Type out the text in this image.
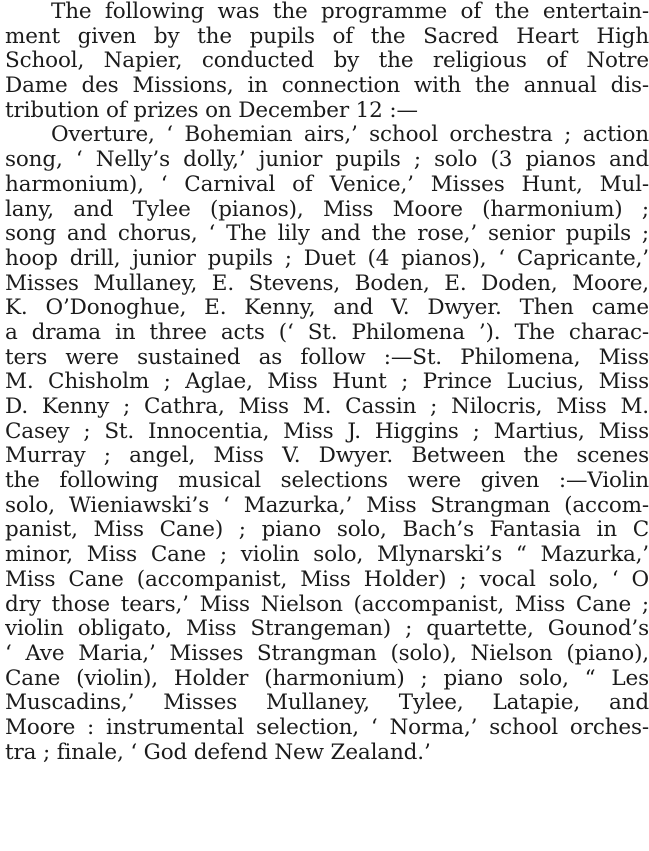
The following was the programme of the entertain-
ment given by the pupils of the Sacred Heart High
School, Napier, conducted by the religious of Notre
Dame des Missions, in connection with the annual dis-
tribution of prizes on December 12 :—
Overture, ‘ Bohemian airs,’ school orchestra ; action
song, ‘ Nelly’s dolly,’ junior pupils ; solo (3 pianos and
harmonium), ‘ Carnival of Venice,’ Misses Hunt, Mul-
lany, and Tylee (pianos), Miss Moore (harmonium) ;
song and chorus, ‘ The lily and the rose,’ senior pupils ;
hoop drill, junior pupils ; Duet (4 pianos), ‘ Capricante,’
Misses Mullaney, E. Stevens, Boden, E. Doden, Moore,
K. O’Donoghue, E. Kenny, and V. Dwyer. Then came
a drama in three acts (‘ St. Philomena ’). The charac-
ters were sustained as follow :—St. Philomena, Miss
M. Chisholm ; Aglae, Miss Hunt ; Prince Lucius, Miss
D. Kenny ; Cathra, Miss M. Cassin ; Nilocris, Miss M.
Casey ; St. Innocentia, Miss J. Higgins ; Martius, Miss
Murray ; angel, Miss V. Dwyer. Between the scenes
the following musical selections were given :—Violin
solo, Wieniawski’s ‘ Mazurka,’ Miss Strangman (accom-
panist, Miss Cane) ; piano solo, Bach’s Fantasia in C
minor, Miss Cane ; violin solo, Mlynarski’s “ Mazurka,’
Miss Cane (accompanist, Miss Holder) ; vocal solo, ‘ O
dry those tears,’ Miss Nielson (accompanist, Miss Cane ;
violin obligato, Miss Strangeman) ; quartette, Gounod’s
‘ Ave Maria,’ Misses Strangman (solo), Nielson (piano),
Cane (violin), Holder (harmonium) ; piano solo, “ Les
Muscadins,’ Misses Mullaney, Tylee, Latapie, and
Moore : instrumental selection, ‘ Norma,’ school orches-
tra ; finale, ‘ God defend New Zealand.’
